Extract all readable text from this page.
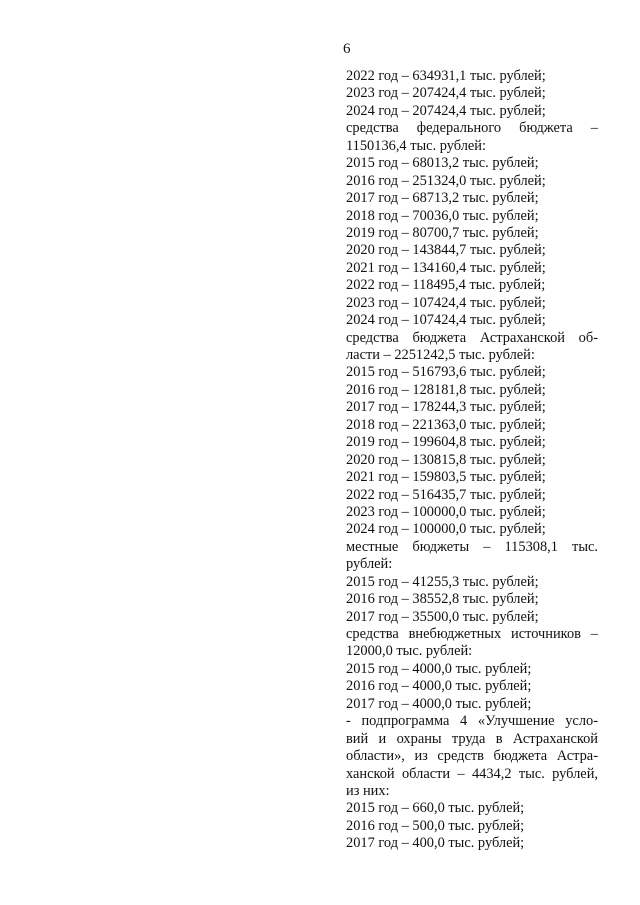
6
2022 год – 634931,1 тыс. рублей;
2023 год – 207424,4 тыс. рублей;
2024 год – 207424,4 тыс. рублей;
средства федерального бюджета –
1150136,4 тыс. рублей:
2015 год – 68013,2 тыс. рублей;
2016 год – 251324,0 тыс. рублей;
2017 год – 68713,2 тыс. рублей;
2018 год – 70036,0 тыс. рублей;
2019 год – 80700,7 тыс. рублей;
2020 год – 143844,7 тыс. рублей;
2021 год – 134160,4 тыс. рублей;
2022 год – 118495,4 тыс. рублей;
2023 год – 107424,4 тыс. рублей;
2024 год – 107424,4 тыс. рублей;
средства бюджета Астраханской об-
ласти – 2251242,5 тыс. рублей:
2015 год – 516793,6 тыс. рублей;
2016 год – 128181,8 тыс. рублей;
2017 год – 178244,3 тыс. рублей;
2018 год – 221363,0 тыс. рублей;
2019 год – 199604,8 тыс. рублей;
2020 год – 130815,8 тыс. рублей;
2021 год – 159803,5 тыс. рублей;
2022 год – 516435,7 тыс. рублей;
2023 год – 100000,0 тыс. рублей;
2024 год – 100000,0 тыс. рублей;
местные бюджеты – 115308,1 тыс.
рублей:
2015 год – 41255,3 тыс. рублей;
2016 год – 38552,8 тыс. рублей;
2017 год – 35500,0 тыс. рублей;
средства внебюджетных источников –
12000,0 тыс. рублей:
2015 год – 4000,0 тыс. рублей;
2016 год – 4000,0 тыс. рублей;
2017 год – 4000,0 тыс. рублей;
- подпрограмма 4 «Улучшение усло-
вий и охраны труда в Астраханской
области», из средств бюджета Астра-
ханской области – 4434,2 тыс. рублей,
из них:
2015 год – 660,0 тыс. рублей;
2016 год – 500,0 тыс. рублей;
2017 год – 400,0 тыс. рублей;
